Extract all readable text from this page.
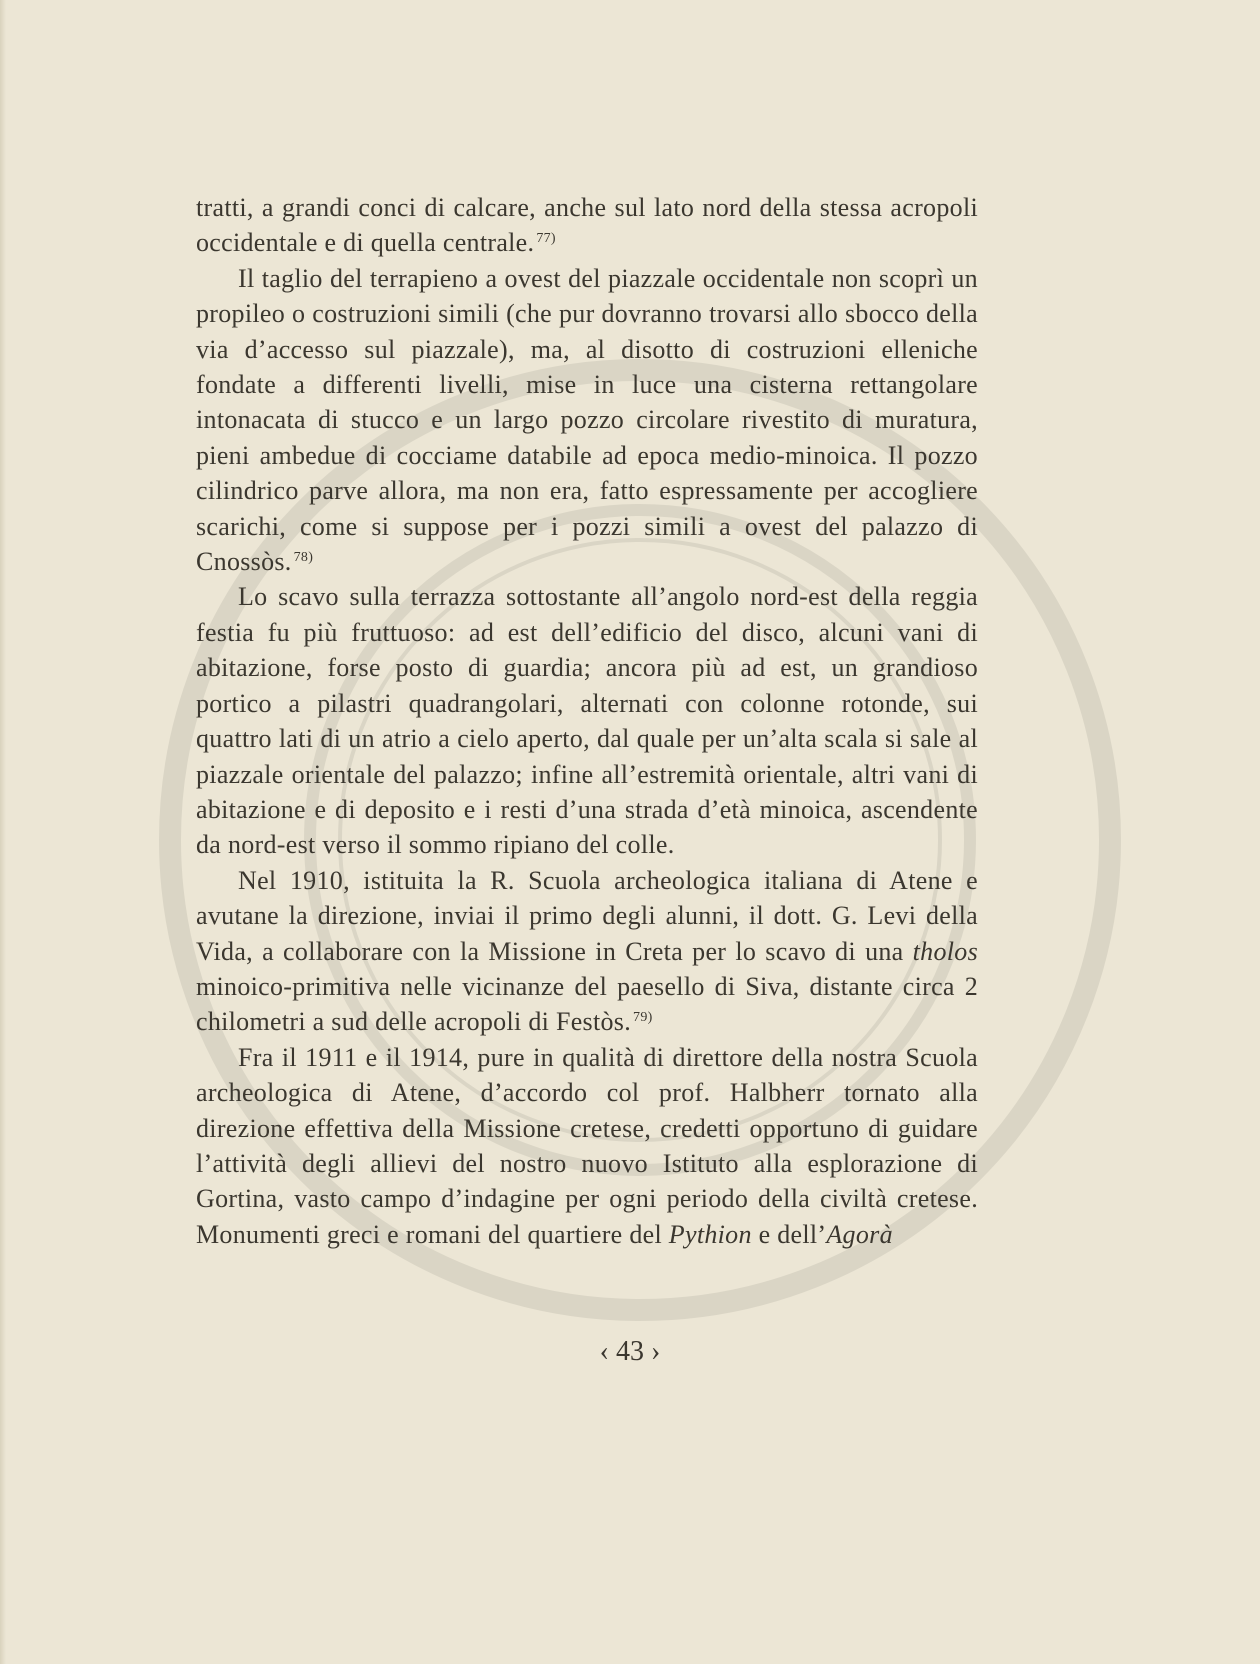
tratti, a grandi conci di calcare, anche sul lato nord della stessa acropoli occidentale e di quella centrale. $^{77)}$

Il taglio del terrapieno a ovest del piazzale occidentale non scoprì un propileo o costruzioni simili (che pur dovranno trovarsi allo sbocco della via d’accesso sul piazzale), ma, al disotto di costruzioni elleniche fondate a differenti livelli, mise in luce una cisterna rettangolare intonacata di stucco e un largo pozzo circolare rivestito di muratura, pieni ambedue di cocciame databile ad epoca medio-minoica. Il pozzo cilindrico parve allora, ma non era, fatto espressamente per accogliere scarichi, come si suppose per i pozzi simili a ovest del palazzo di Cnossòs. $^{78)}$

Lo scavo sulla terrazza sottostante all’angolo nord-est della reggia festia fu più fruttuoso: ad est dell’edificio del disco, alcuni vani di abitazione, forse posto di guardia; ancora più ad est, un grandioso portico a pilastri quadrangolari, alternati con colonne rotonde, sui quattro lati di un atrio a cielo aperto, dal quale per un’alta scala si sale al piazzale orientale del palazzo; infine all’estremità orientale, altri vani di abitazione e di deposito e i resti d’una strada d’età minoica, ascendente da nord-est verso il sommo ripiano del colle.

Nel 1910, istituita la R. Scuola archeologica italiana di Atene e avutane la direzione, inviai il primo degli alunni, il dott. G. Levi della Vida, a collaborare con la Missione in Creta per lo scavo di una tholos minoico-primitiva nelle vicinanze del paesello di Siva, distante circa 2 chilometri a sud delle acropoli di Festòs. $^{79)}$

Fra il 1911 e il 1914, pure in qualità di direttore della nostra Scuola archeologica di Atene, d’accordo col prof. Halbherr tornato alla direzione effettiva della Missione cretese, credetti opportuno di guidare l’attività degli allievi del nostro nuovo Istituto alla esplorazione di Gortina, vasto campo d’indagine per ogni periodo della civiltà cretese. Monumenti greci e romani del quartiere del Pythion e dell’Agorà

‹ 43 ›
